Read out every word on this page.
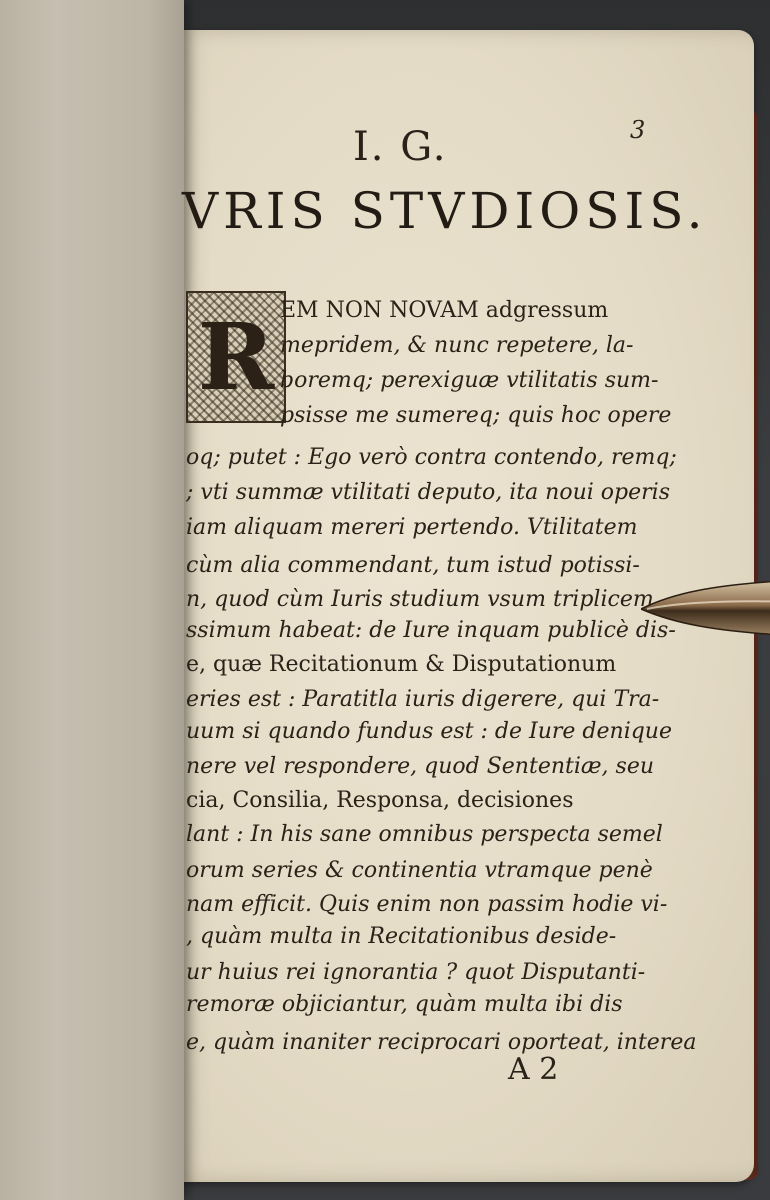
3
I. G.
VRIS STVDIOSIS.
R EM NON NOVAM adgressum
mepridem, & nunc repetere, la-
boremq; perexiguæ vtilitatis sum-
psisse me sumereq; quis hoc opere
oq; putet : Ego verò contra contendo, remq;
; vti summæ vtilitati deputo, ita noui operis
iam aliquam mereri pertendo. Vtilitatem
cùm alia commendant, tum istud potissi-
n, quod cùm Iuris studium vsum triplicem
ssimum habeat: de Iure inquam publicè dis-
e, quæ Recitationum & Disputationum
eries est : Paratitla iuris digerere, qui Tra-
uum si quando fundus est : de Iure denique
nere vel respondere, quod Sententiæ, seu
cia, Consilia, Responsa, decisiones
lant : In his sane omnibus perspecta semel
orum series & continentia vtramque penè
nam efficit. Quis enim non passim hodie vi-
, quàm multa in Recitationibus deside-
ur huius rei ignorantia ? quot Disputanti-
remoræ objiciantur, quàm multa ibi dis
e, quàm inaniter reciprocari oporteat, interea
A 2
